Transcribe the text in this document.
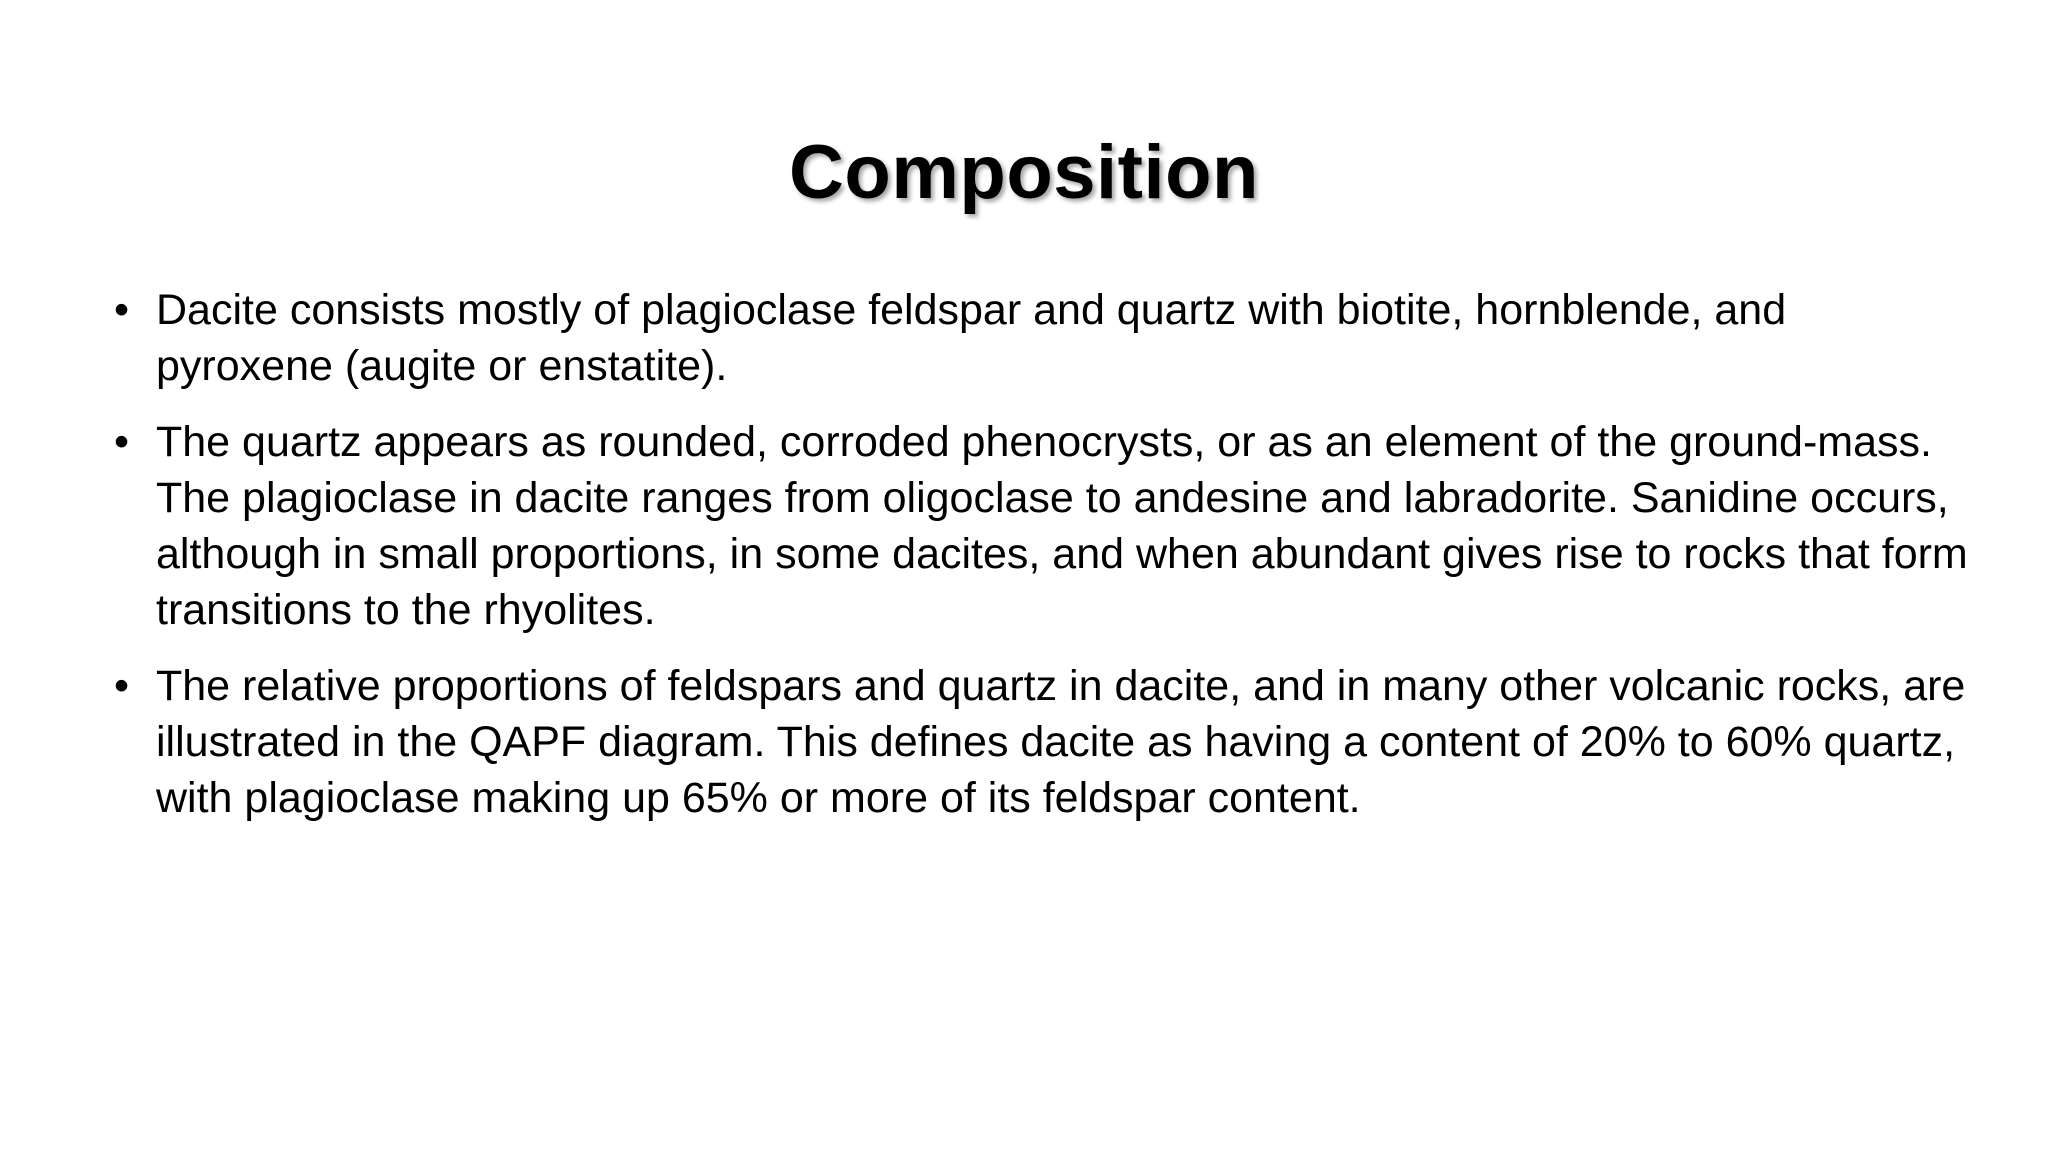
Composition
• Dacite consists mostly of plagioclase feldspar and quartz with biotite, hornblende, and pyroxene (augite or enstatite).
• The quartz appears as rounded, corroded phenocrysts, or as an element of the ground-mass. The plagioclase in dacite ranges from oligoclase to andesine and labradorite. Sanidine occurs, although in small proportions, in some dacites, and when abundant gives rise to rocks that form transitions to the rhyolites.
• The relative proportions of feldspars and quartz in dacite, and in many other volcanic rocks, are illustrated in the QAPF diagram. This defines dacite as having a content of 20% to 60% quartz, with plagioclase making up 65% or more of its feldspar content.
